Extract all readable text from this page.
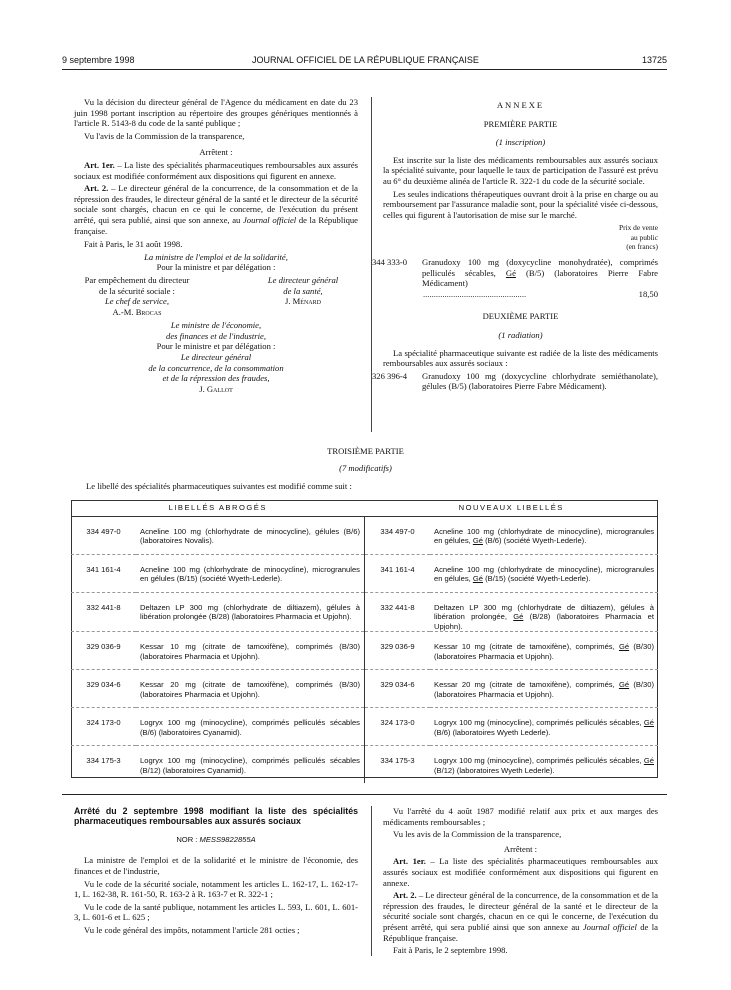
9 septembre 1998	JOURNAL OFFICIEL DE LA RÉPUBLIQUE FRANÇAISE	13725

Vu la décision du directeur général de l'Agence du médicament en date du 23 juin 1998 portant inscription au répertoire des groupes génériques mentionnés à l'article R. 5143-8 du code de la santé publique ;

Vu l'avis de la Commission de la transparence,

Arrêtent :

Art. 1er. – La liste des spécialités pharmaceutiques remboursables aux assurés sociaux est modifiée conformément aux dispositions qui figurent en annexe.

Art. 2. – Le directeur général de la concurrence, de la consommation et de la répression des fraudes, le directeur général de la santé et le directeur de la sécurité sociale sont chargés, chacun en ce qui le concerne, de l'exécution du présent arrêté, qui sera publié, ainsi que son annexe, au Journal officiel de la République française.

Fait à Paris, le 31 août 1998.

La ministre de l'emploi et de la solidarité,
Pour la ministre et par délégation :
Par empêchement du directeur
de la sécurité sociale :
Le chef de service,
A.-M. Brocas
Le directeur général
de la santé,
J. Ménard
Le ministre de l'économie,
des finances et de l'industrie,
Pour le ministre et par délégation :
Le directeur général
de la concurrence, de la consommation
et de la répression des fraudes,
J. Gallot
ANNEXE
PREMIÈRE PARTIE
(1 inscription)

Est inscrite sur la liste des médicaments remboursables aux assurés sociaux la spécialité suivante, pour laquelle le taux de participation de l'assuré est prévu au 6° du deuxième alinéa de l'article R. 322-1 du code de la sécurité sociale.

Les seules indications thérapeutiques ouvrant droit à la prise en charge ou au remboursement par l'assurance maladie sont, pour la spécialité visée ci-dessous, celles qui figurent à l'autorisation de mise sur le marché.

Prix de vente
au public
(en francs)
344 333-0	Granudoxy 100 mg (doxycycline monohydratée), comprimés pelliculés sécables, Gé (B/5) (laboratoires Pierre Fabre Médicament)
................................................	18,50
DEUXIÈME PARTIE
(1 radiation)

La spécialité pharmaceutique suivante est radiée de la liste des médicaments remboursables aux assurés sociaux :

326 396-4	Granudoxy 100 mg (doxycycline chlorhydrate semiéthanolate), gélules (B/5) (laboratoires Pierre Fabre Médicament).
TROISIÈME PARTIE
(7 modificatifs)
Le libellé des spécialités pharmaceutiques suivantes est modifié comme suit :
LIBELLÉS ABROGÉS		NOUVEAUX LIBELLÉS	
334 497-0	Acneline 100 mg (chlorhydrate de minocycline), gélules (B/6) (laboratoires Novalis).	334 497-0	Acneline 100 mg (chlorhydrate de minocycline), microgranules en gélules, Gé (B/6) (société Wyeth-Lederle).
341 161-4	Acneline 100 mg (chlorhydrate de minocycline), microgranules en gélules (B/15) (société Wyeth-Lederle).	341 161-4	Acneline 100 mg (chlorhydrate de minocycline), microgranules en gélules, Gé (B/15) (société Wyeth-Lederle).
332 441-8	Deltazen LP 300 mg (chlorhydrate de diltiazem), gélules à libération prolongée (B/28) (laboratoires Pharmacia et Upjohn).	332 441-8	Deltazen LP 300 mg (chlorhydrate de diltiazem), gélules à libération prolongée, Gé (B/28) (laboratoires Pharmacia et Upjohn).
329 036-9	Kessar 10 mg (citrate de tamoxifène), comprimés (B/30) (laboratoires Pharmacia et Upjohn).	329 036-9	Kessar 10 mg (citrate de tamoxifène), comprimés, Gé (B/30) (laboratoires Pharmacia et Upjohn).
329 034-6	Kessar 20 mg (citrate de tamoxifène), comprimés (B/30) (laboratoires Pharmacia et Upjohn).	329 034-6	Kessar 20 mg (citrate de tamoxifène), comprimés, Gé (B/30) (laboratoires Pharmacia et Upjohn).
324 173-0	Logryx 100 mg (minocycline), comprimés pelliculés sécables (B/6) (laboratoires Cyanamid).	324 173-0	Logryx 100 mg (minocycline), comprimés pelliculés sécables, Gé (B/6) (laboratoires Wyeth Lederle).
334 175-3	Logryx 100 mg (minocycline), comprimés pelliculés sécables (B/12) (laboratoires Cyanamid).	334 175-3	Logryx 100 mg (minocycline), comprimés pelliculés sécables, Gé (B/12) (laboratoires Wyeth Lederle).
Arrêté du 2 septembre 1998 modifiant la liste des spécialités pharmaceutiques remboursables aux assurés sociaux
NOR : MESS9822855A

La ministre de l'emploi et de la solidarité et le ministre de l'économie, des finances et de l'industrie,

Vu le code de la sécurité sociale, notamment les articles L. 162-17, L. 162-17-1, L. 162-38, R. 161-50, R. 163-2 à R. 163-7 et R. 322-1 ;

Vu le code de la santé publique, notamment les articles L. 593, L. 601, L. 601-3, L. 601-6 et L. 625 ;

Vu le code général des impôts, notamment l'article 281 octies ;

Vu l'arrêté du 4 août 1987 modifié relatif aux prix et aux marges des médicaments remboursables ;

Vu les avis de la Commission de la transparence,

Arrêtent :

Art. 1er. – La liste des spécialités pharmaceutiques remboursables aux assurés sociaux est modifiée conformément aux dispositions qui figurent en annexe.

Art. 2. – Le directeur général de la concurrence, de la consommation et de la répression des fraudes, le directeur général de la santé et le directeur de la sécurité sociale sont chargés, chacun en ce qui le concerne, de l'exécution du présent arrêté, qui sera publié ainsi que son annexe au Journal officiel de la République française.

Fait à Paris, le 2 septembre 1998.
